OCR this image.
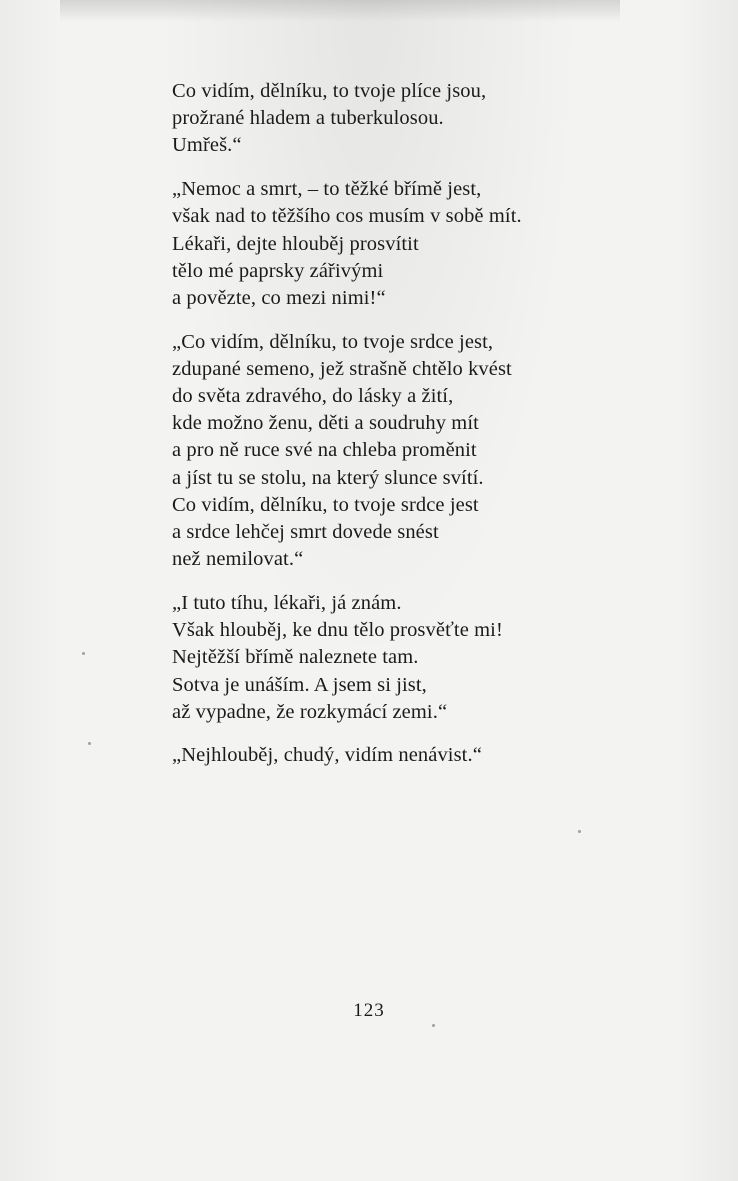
Co vidím, dělníku, to tvoje plíce jsou,
prožrané hladem a tuberkulosou.
Umřeš.“
„Nemoc a smrt, – to těžké břímě jest,
však nad to těžšího cos musím v sobě mít.
Lékaři, dejte hlouběj prosvítit
tělo mé paprsky zářivými
a povězte, co mezi nimi!“
„Co vidím, dělníku, to tvoje srdce jest,
zdupané semeno, jež strašně chtělo kvést
do světa zdravého, do lásky a žití,
kde možno ženu, děti a soudruhy mít
a pro ně ruce své na chleba proměnit
a jíst tu se stolu, na který slunce svítí.
Co vidím, dělníku, to tvoje srdce jest
a srdce lehčej smrt dovede snést
než nemilovat.“
„I tuto tíhu, lékaři, já znám.
Však hlouběj, ke dnu tělo prosvěťte mi!
Nejtěžší břímě naleznete tam.
Sotva je unáším. A jsem si jist,
až vypadne, že rozkymácí zemi.“
„Nejhlouběj, chudý, vidím nenávist.“
123
